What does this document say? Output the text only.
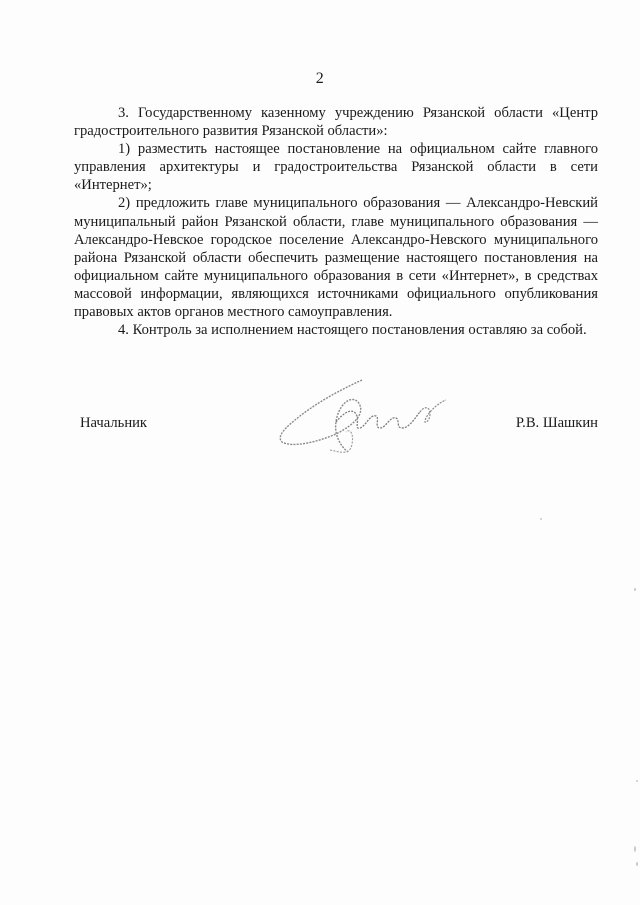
2

3. Государственному казенному учреждению Рязанской области «Центр градостроительного развития Рязанской области»:

1) разместить настоящее постановление на официальном сайте главного управления архитектуры и градостроительства Рязанской области в сети «Интернет»;

2) предложить главе муниципального образования — Александро-Невский муниципальный район Рязанской области, главе муниципального образования — Александро-Невское городское поселение Александро-Невского муниципального района Рязанской области обеспечить размещение настоящего постановления на официальном сайте муниципального образования в сети «Интернет», в средствах массовой информации, являющихся источниками официального опубликования правовых актов органов местного самоуправления.

4. Контроль за исполнением настоящего постановления оставляю за собой.

Начальник	Р.В. Шашкин
